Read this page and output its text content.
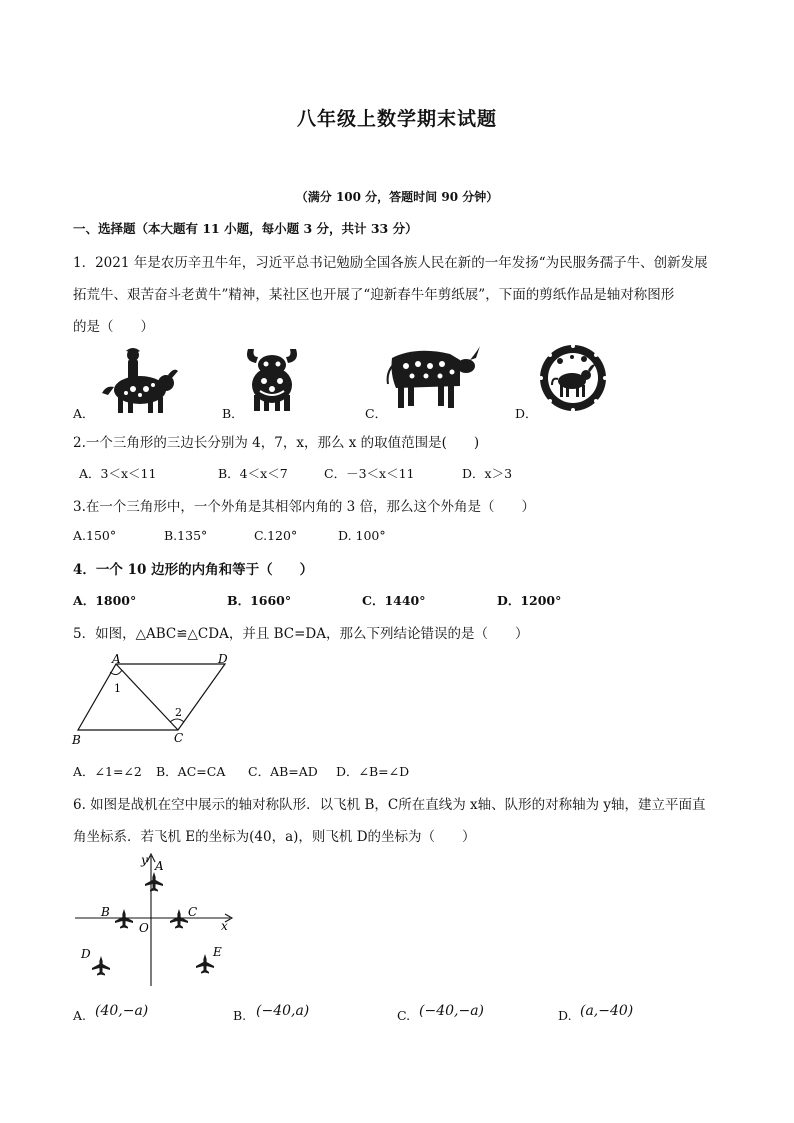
八年级上数学期末试题
（满分 100 分，答题时间 90 分钟）
一、选择题（本大题有 11 小题，每小题 3 分，共计 33 分）
1．2021 年是农历辛丑牛年，习近平总书记勉励全国各族人民在新的一年发扬“为民服务孺子牛、创新发展
拓荒牛、艰苦奋斗老黄牛”精神，某社区也开展了“迎新春牛年剪纸展”，下面的剪纸作品是轴对称图形
的是（　　）
A．	B．	C．	D．
2.一个三角形的三边长分别为 4，7，x，那么 x 的取值范围是(　　)
A．3＜x＜11	B．4＜x＜7	C．－3＜x＜11	D．x＞3
3.在一个三角形中，一个外角是其相邻内角的 3 倍，那么这个外角是（　　）
A.150°	B.135°	C.120°	D. 100°
4．一个 10 边形的内角和等于（　　）
A．1800°	B．1660°	C．1440°	D．1200°
5．如图，△ABC≌△CDA，并且 BC=DA，那么下列结论错误的是（　　）
A	D
B	C
1
2
A．∠1=∠2 B．AC=CA C．AB=AD D．∠B=∠D
6. 如图是战机在空中展示的轴对称队形．以飞机 B，C所在直线为 x轴、队形的对称轴为 y轴，建立平面直
角坐标系．若飞机 E的坐标为(40，a)，则飞机 D的坐标为（　　）
y A
B	C
O	x
D	E
A. (40,−a)	B. (−40,a)	C. (−40,−a)	D. (a,−40)
